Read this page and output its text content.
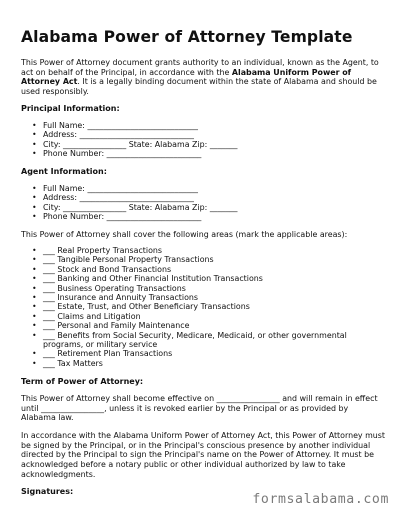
Alabama Power of Attorney Template

This Power of Attorney document grants authority to an individual, known as the Agent, to act on behalf of the Principal, in accordance with the Alabama Uniform Power of Attorney Act. It is a legally binding document within the state of Alabama and should be used responsibly.

Principal Information:
• Full Name: ____________________________
• Address: _____________________________
• City: ________________ State: Alabama Zip: _______
• Phone Number: ________________________
Agent Information:
• Full Name: ____________________________
• Address: _____________________________
• City: ________________ State: Alabama Zip: _______
• Phone Number: ________________________

This Power of Attorney shall cover the following areas (mark the applicable areas):

• ___ Real Property Transactions
• ___ Tangible Personal Property Transactions
• ___ Stock and Bond Transactions
• ___ Banking and Other Financial Institution Transactions
• ___ Business Operating Transactions
• ___ Insurance and Annuity Transactions
• ___ Estate, Trust, and Other Beneficiary Transactions
• ___ Claims and Litigation
• ___ Personal and Family Maintenance
• ___ Benefits from Social Security, Medicare, Medicaid, or other governmental programs, or military service
• ___ Retirement Plan Transactions
• ___ Tax Matters
Term of Power of Attorney:

This Power of Attorney shall become effective on ________________ and will remain in effect until ________________, unless it is revoked earlier by the Principal or as provided by Alabama law.

In accordance with the Alabama Uniform Power of Attorney Act, this Power of Attorney must be signed by the Principal, or in the Principal's conscious presence by another individual directed by the Principal to sign the Principal's name on the Power of Attorney. It must be acknowledged before a notary public or other individual authorized by law to take acknowledgments.

Signatures:
formsalabama.com
